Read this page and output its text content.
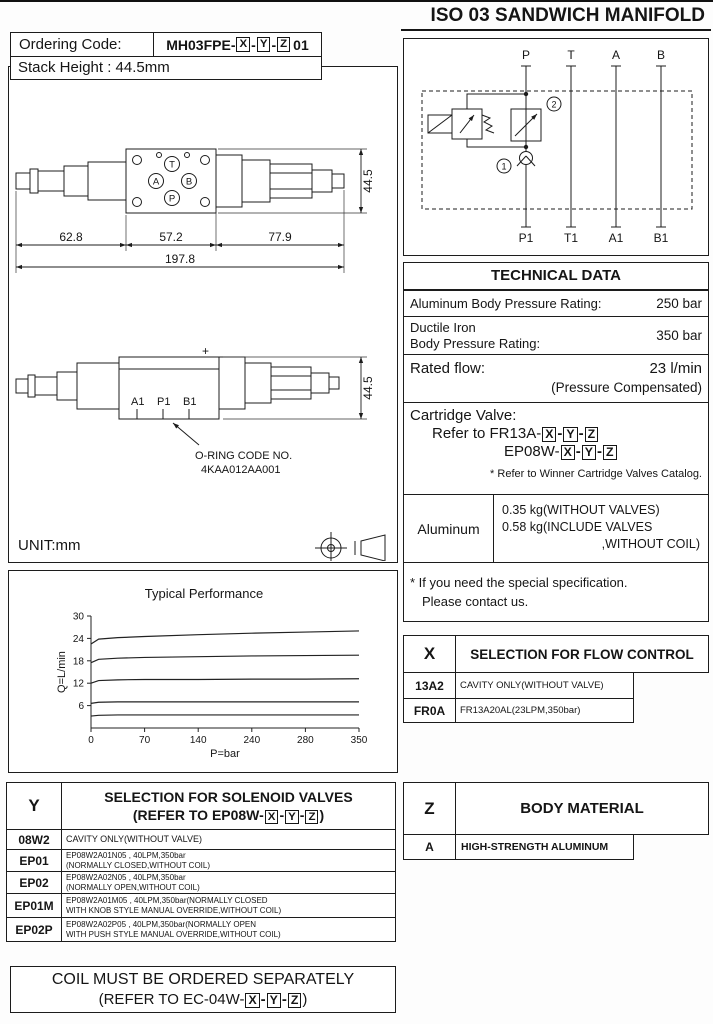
ISO 03 SANDWICH MANIFOLD
T
A	B
P
62.8	57.2	77.9
197.8
44.5
+
A1 P1 B1
O-RING CODE NO.
4KAA012AA001
44.5
Ordering Code:	MH03FPE- X - Y - Z 01
Stack Height : 44.5mm
UNIT:mm
P	T	A	B
P1	T1	A1	B1
2
1
TECHNICAL DATA
Aluminum Body Pressure Rating:	250 bar
Ductile Iron
Body Pressure Rating:	350 bar
Rated flow:	23 l/min
(Pressure Compensated)
Cartridge Valve:
Refer to FR13A- X - Y - Z
EP08W- X - Y - Z
* Refer to Winner Cartridge Valves Catalog.
Aluminum
0.35 kg(WITHOUT VALVES)
0.58 kg(INCLUDE VALVES
,WITHOUT COIL)
* If you need the special specification.
Please contact us.
Typical Performance
Q=L/min
P=bar
0	70	140	240	280	350
30
24
18
12
6
X	SELECTION FOR FLOW CONTROL
13A2	CAVITY ONLY(WITHOUT VALVE)
FR0A	FR13A20AL(23LPM,350bar)
Y	SELECTION FOR SOLENOID VALVES
(REFER TO EP08W- X - Y - Z )
08W2	CAVITY ONLY(WITHOUT VALVE)
EP01	EP08W2A01N05 , 40LPM,350bar
(NORMALLY CLOSED,WITHOUT COIL)
EP02	EP08W2A02N05 , 40LPM,350bar
(NORMALLY OPEN,WITHOUT COIL)
EP01M	EP08W2A01M05 , 40LPM,350bar(NORMALLY CLOSED
WITH KNOB STYLE MANUAL OVERRIDE,WITHOUT COIL)
EP02P	EP08W2A02P05 , 40LPM,350bar(NORMALLY OPEN
WITH PUSH STYLE MANUAL OVERRIDE,WITHOUT COIL)
Z	BODY MATERIAL
A	HIGH-STRENGTH ALUMINUM
COIL MUST BE ORDERED SEPARATELY
(REFER TO EC-04W- X - Y - Z )
